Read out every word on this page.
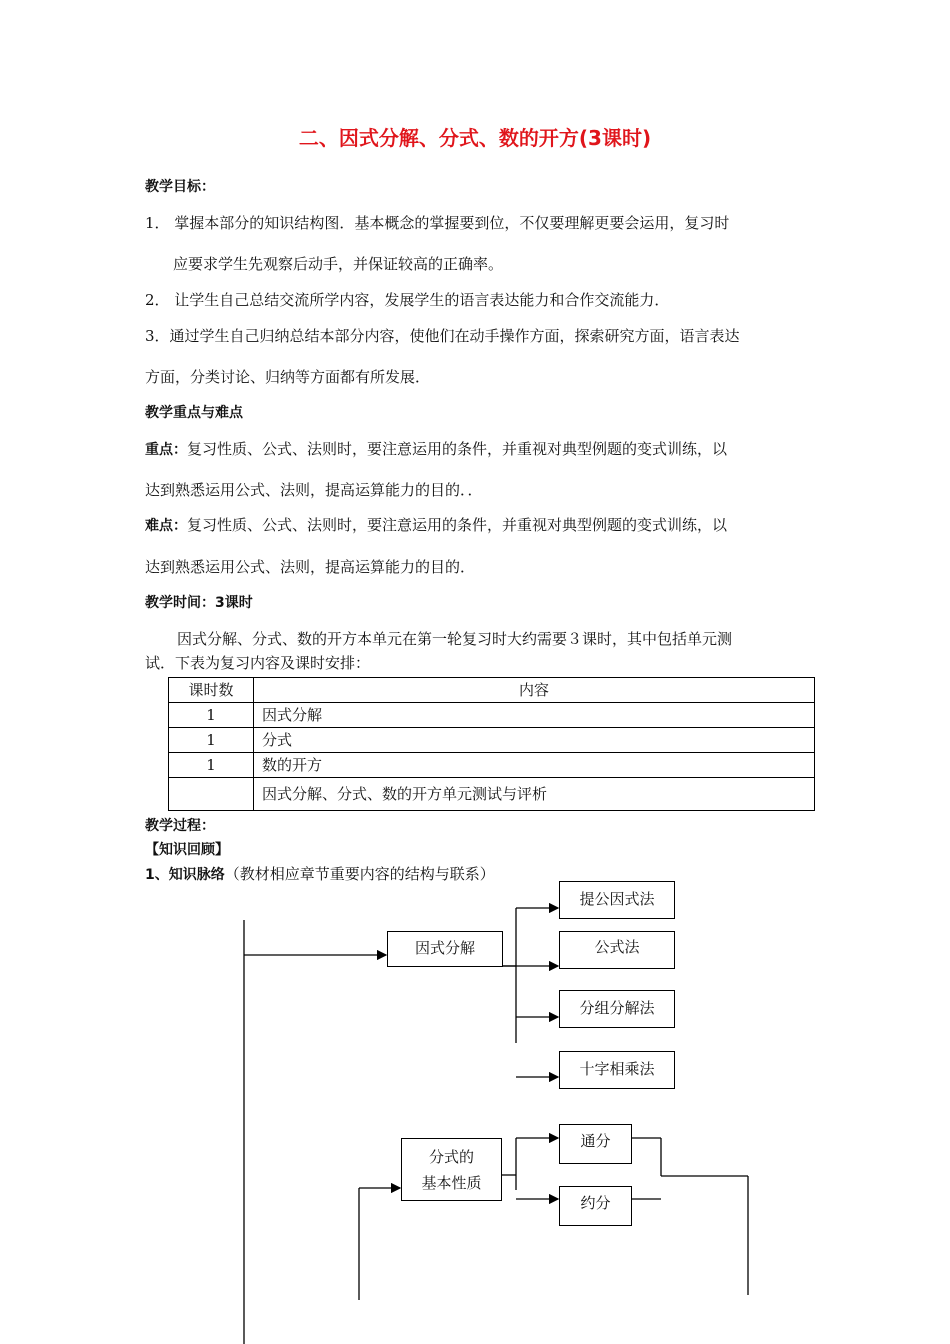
二、因式分解、分式、数的开方(3课时)
教学目标：
1． 掌握本部分的知识结构图．基本概念的掌握要到位，不仅要理解更要会运用，复习时
应要求学生先观察后动手，并保证较高的正确率。
2． 让学生自己总结交流所学内容，发展学生的语言表达能力和合作交流能力．
3．通过学生自己归纳总结本部分内容，使他们在动手操作方面，探索研究方面，语言表达
方面，分类讨论、归纳等方面都有所发展．
教学重点与难点
重点：复习性质、公式、法则时，要注意运用的条件，并重视对典型例题的变式训练，以
达到熟悉运用公式、法则，提高运算能力的目的．．
难点：复习性质、公式、法则时，要注意运用的条件，并重视对典型例题的变式训练，以
达到熟悉运用公式、法则，提高运算能力的目的．
教学时间：3课时
因式分解、分式、数的开方本单元在第一轮复习时大约需要３课时，其中包括单元测
试．下表为复习内容及课时安排：
课时数	内容
1	因式分解
1	分式
1	数的开方
	因式分解、分式、数的开方单元测试与评析
教学过程：
【知识回顾】
1、知识脉络（教材相应章节重要内容的结构与联系）
因式分解
提公因式法
公式法
分组分解法
十字相乘法
分式的
基本性质
通分
约分
